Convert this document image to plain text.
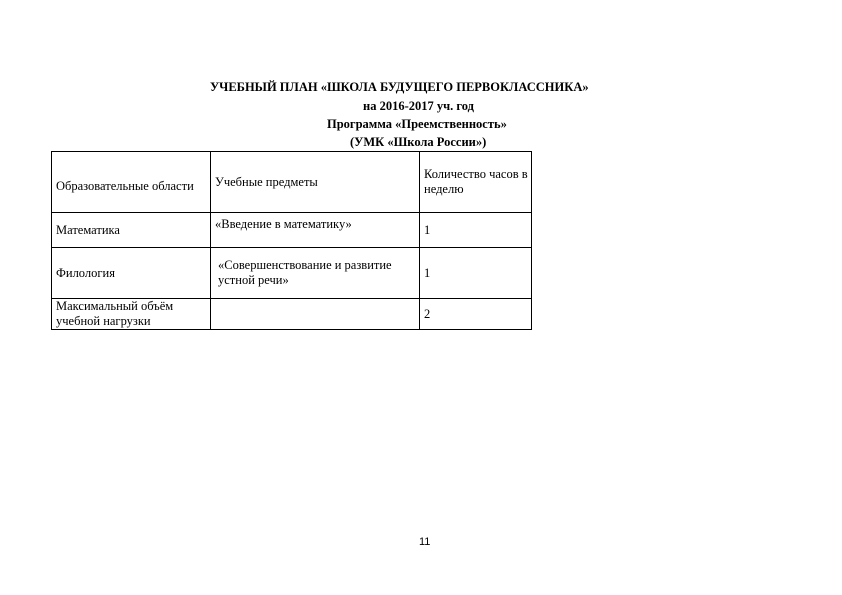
УЧЕБНЫЙ ПЛАН «ШКОЛА БУДУЩЕГО ПЕРВОКЛАССНИКА»
на 2016-2017 уч. год
Программа «Преемственность»
(УМК «Школа России»)
Образовательные области	Учебные предметы	Количество часов в неделю
Математика	«Введение в математику»	1
Филология	«Совершенствование и развитие устной речи»	1
Максимальный объём учебной нагрузки		2
11
